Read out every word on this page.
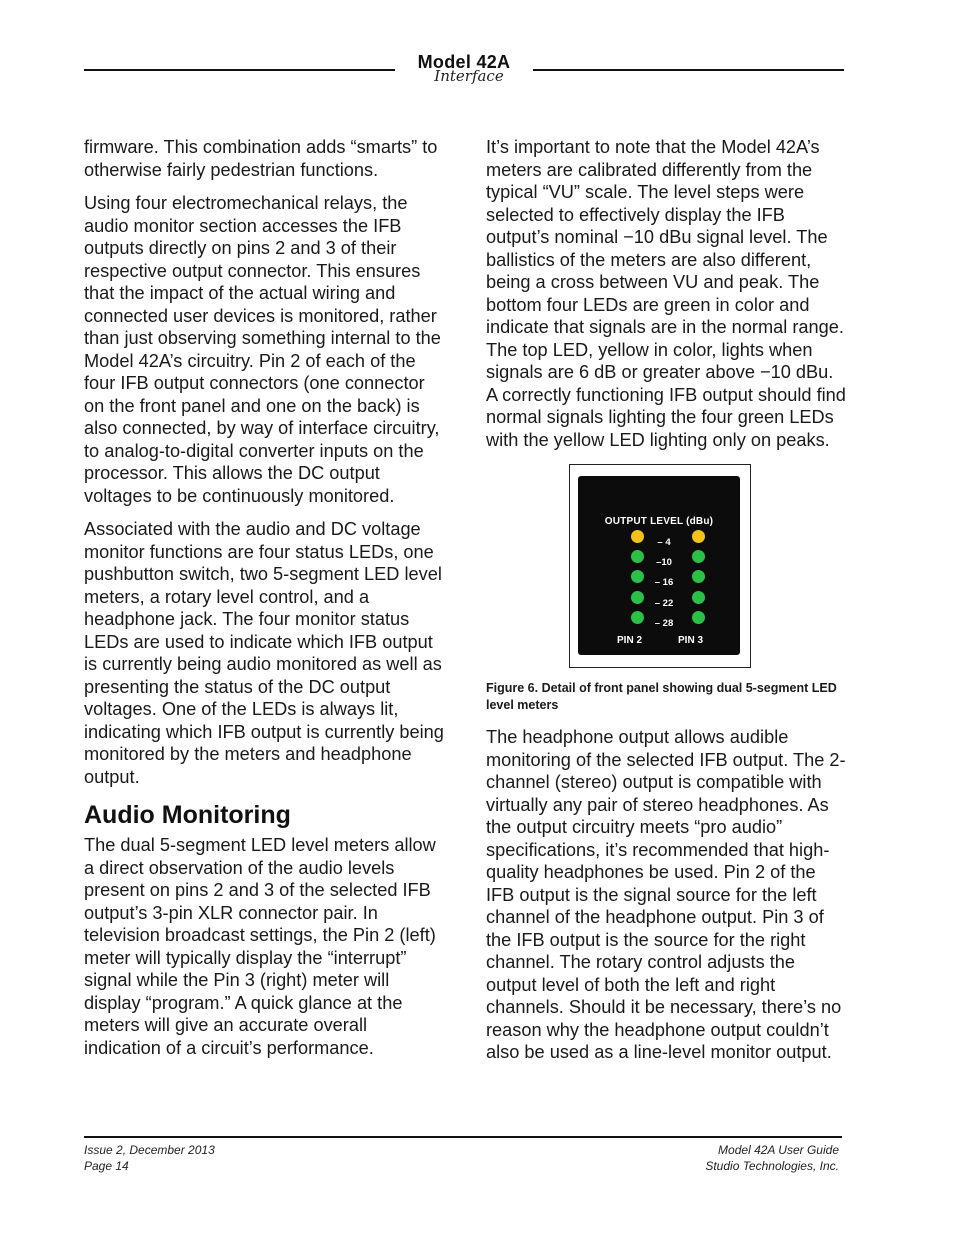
Model 42A
Interface

firmware. This combination adds “smarts” to otherwise fairly pedestrian functions.

Using four electromechanical relays, the audio monitor section accesses the IFB outputs directly on pins 2 and 3 of their respective output connector. This ensures that the impact of the actual wiring and connected user devices is monitored, rather than just observing something internal to the Model 42A’s circuitry. Pin 2 of each of the four IFB output connectors (one connector on the front panel and one on the back) is also connected, by way of interface circuitry, to analog-to-digital converter inputs on the processor. This allows the DC output voltages to be continuously monitored.

Associated with the audio and DC voltage monitor functions are four status LEDs, one pushbutton switch, two 5-segment LED level meters, a rotary level control, and a headphone jack. The four monitor status LEDs are used to indicate which IFB output is currently being audio monitored as well as presenting the status of the DC output voltages. One of the LEDs is always lit, indicating which IFB output is currently being monitored by the meters and headphone output.

Audio Monitoring

The dual 5-segment LED level meters allow a direct observation of the audio levels present on pins 2 and 3 of the selected IFB output’s 3-pin XLR connector pair. In television broadcast settings, the Pin 2 (left) meter will typically display the “interrupt” signal while the Pin 3 (right) meter will display “program.” A quick glance at the meters will give an accurate overall indication of a circuit’s performance.

It’s important to note that the Model 42A’s meters are calibrated differently from the typical “VU” scale. The level steps were selected to effectively display the IFB output’s nominal −10 dBu signal level. The ballistics of the meters are also different, being a cross between VU and peak. The bottom four LEDs are green in color and indicate that signals are in the normal range. The top LED, yellow in color, lights when signals are 6 dB or greater above −10 dBu. A correctly functioning IFB output should find normal signals lighting the four green LEDs with the yellow LED lighting only on peaks.

OUTPUT LEVEL (dBu)
– 4
–10
– 16
– 22
– 28
PIN 2	PIN 3
Figure 6. Detail of front panel showing dual 5-segment LED level meters

The headphone output allows audible monitoring of the selected IFB output. The 2-channel (stereo) output is compatible with virtually any pair of stereo headphones. As the output circuitry meets “pro audio” specifications, it’s recommended that high-quality headphones be used. Pin 2 of the IFB output is the signal source for the left channel of the headphone output. Pin 3 of the IFB output is the source for the right channel. The rotary control adjusts the output level of both the left and right channels. Should it be necessary, there’s no reason why the headphone output couldn’t also be used as a line-level monitor output.

Issue 2, December 2013
Page 14
Model 42A User Guide
Studio Technologies, Inc.
